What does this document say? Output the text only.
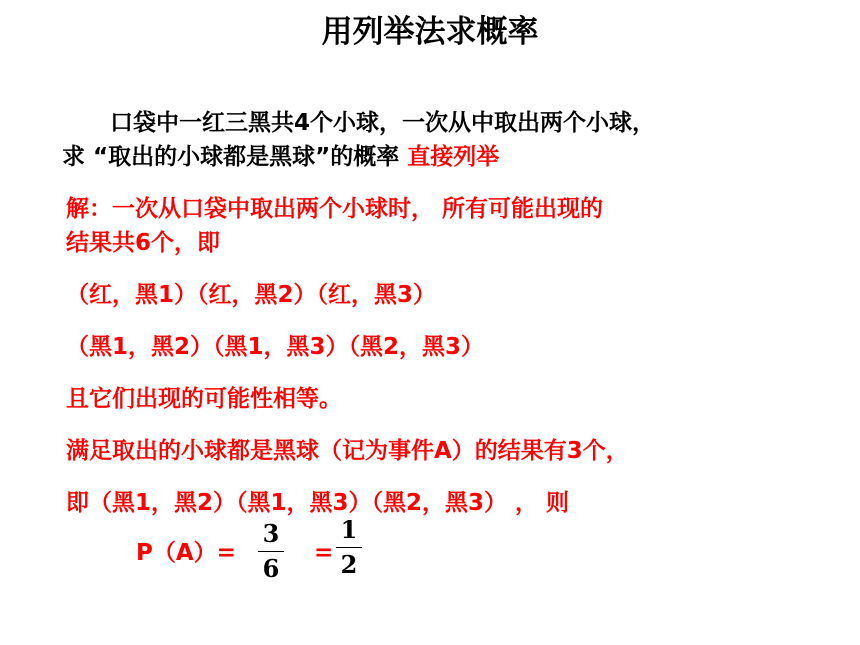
用列举法求概率
口袋中一红三黑共4个小球，一次从中取出两个小球，
求 “取出的小球都是黑球”的概率 直接列举
解：一次从口袋中取出两个小球时， 所有可能出现的
结果共6个，即
（红，黑1）（红，黑2）（红，黑3）
（黑1，黑2）（黑1，黑3）（黑2，黑3）
且它们出现的可能性相等。
满足取出的小球都是黑球（记为事件A）的结果有3个，
即（黑1，黑2）（黑1，黑3）（黑2，黑3） ， 则
P（A）=
3
6
=
1
2
